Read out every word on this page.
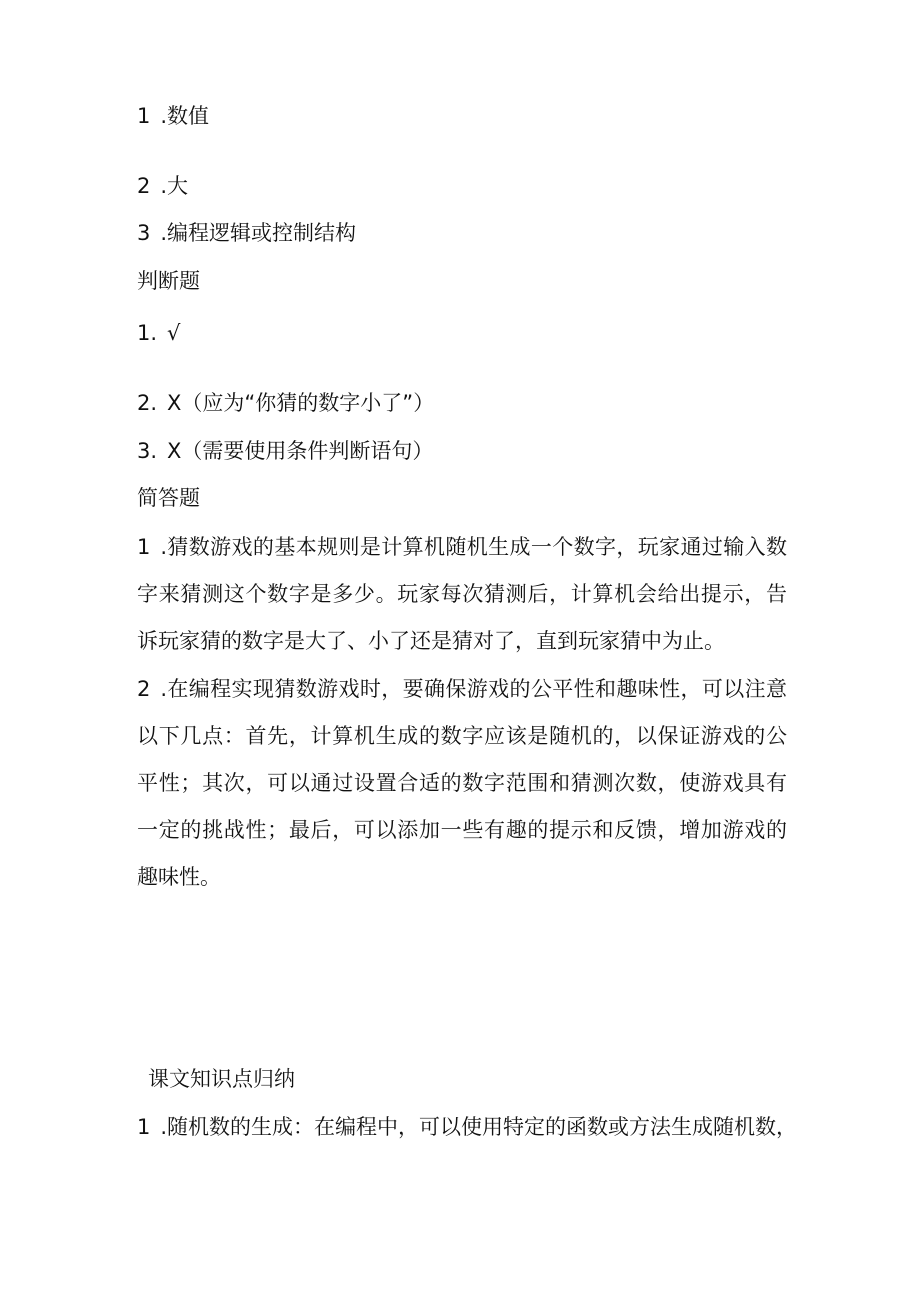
1 .数值
2 .大
3 .编程逻辑或控制结构
判断题
1. √
2. X（应为“你猜的数字小了”）
3. X（需要使用条件判断语句）
简答题
1 .猜数游戏的基本规则是计算机随机生成一个数字，玩家通过输入数字来猜测这个数字是多少。玩家每次猜测后，计算机会给出提示，告诉玩家猜的数字是大了、小了还是猜对了，直到玩家猜中为止。
2 .在编程实现猜数游戏时，要确保游戏的公平性和趣味性，可以注意以下几点：首先，计算机生成的数字应该是随机的，以保证游戏的公平性；其次，可以通过设置合适的数字范围和猜测次数，使游戏具有一定的挑战性；最后，可以添加一些有趣的提示和反馈，增加游戏的趣味性。
课文知识点归纳
1 .随机数的生成：在编程中，可以使用特定的函数或方法生成随机数，
